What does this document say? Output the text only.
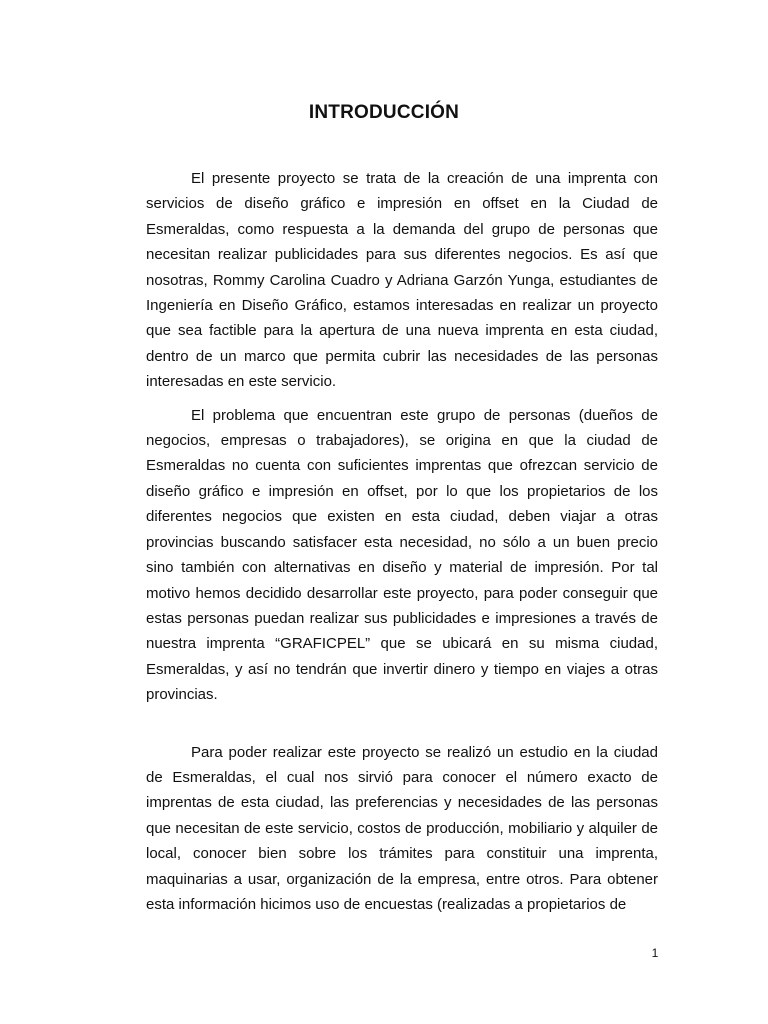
INTRODUCCIÓN

El presente proyecto se trata de la creación de una imprenta con servicios de diseño gráfico e impresión en offset en la Ciudad de Esmeraldas, como respuesta a la demanda del grupo de personas que necesitan realizar publicidades para sus diferentes negocios. Es así que nosotras, Rommy Carolina Cuadro y Adriana Garzón Yunga, estudiantes de Ingeniería en Diseño Gráfico, estamos interesadas en realizar un proyecto que sea factible para la apertura de una nueva imprenta en esta ciudad, dentro de un marco que permita cubrir las necesidades de las personas interesadas en este servicio.

El problema que encuentran este grupo de personas (dueños de negocios, empresas o trabajadores), se origina en que la ciudad de Esmeraldas no cuenta con suficientes imprentas que ofrezcan servicio de diseño gráfico e impresión en offset, por lo que los propietarios de los diferentes negocios que existen en esta ciudad, deben viajar a otras provincias buscando satisfacer esta necesidad, no sólo a un buen precio sino también con alternativas en diseño y material de impresión. Por tal motivo hemos decidido desarrollar este proyecto, para poder conseguir que estas personas puedan realizar sus publicidades e impresiones a través de nuestra imprenta “GRAFICPEL” que se ubicará en su misma ciudad, Esmeraldas, y así no tendrán que invertir dinero y tiempo en viajes a otras provincias.

Para poder realizar este proyecto se realizó un estudio en la ciudad de Esmeraldas, el cual nos sirvió para conocer el número exacto de imprentas de esta ciudad, las preferencias y necesidades de las personas que necesitan de este servicio, costos de producción, mobiliario y alquiler de local, conocer bien sobre los trámites para constituir una imprenta, maquinarias a usar, organización de la empresa, entre otros. Para obtener esta información hicimos uso de encuestas (realizadas a propietarios de

1
